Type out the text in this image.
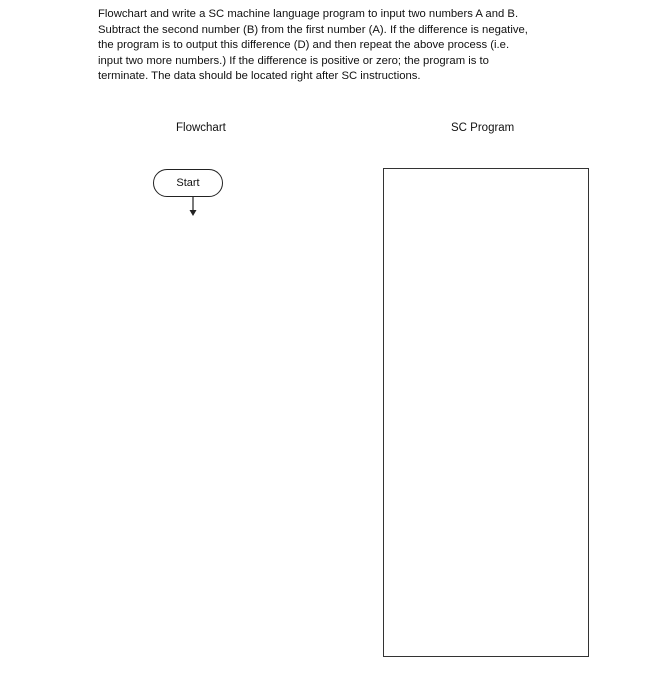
Flowchart and write a SC machine language program to input two numbers A and B.
Subtract the second number (B) from the first number (A). If the difference is negative,
the program is to output this difference (D) and then repeat the above process (i.e.
input two more numbers.) If the difference is positive or zero; the program is to
terminate. The data should be located right after SC instructions.
Flowchart	SC Program
Start
